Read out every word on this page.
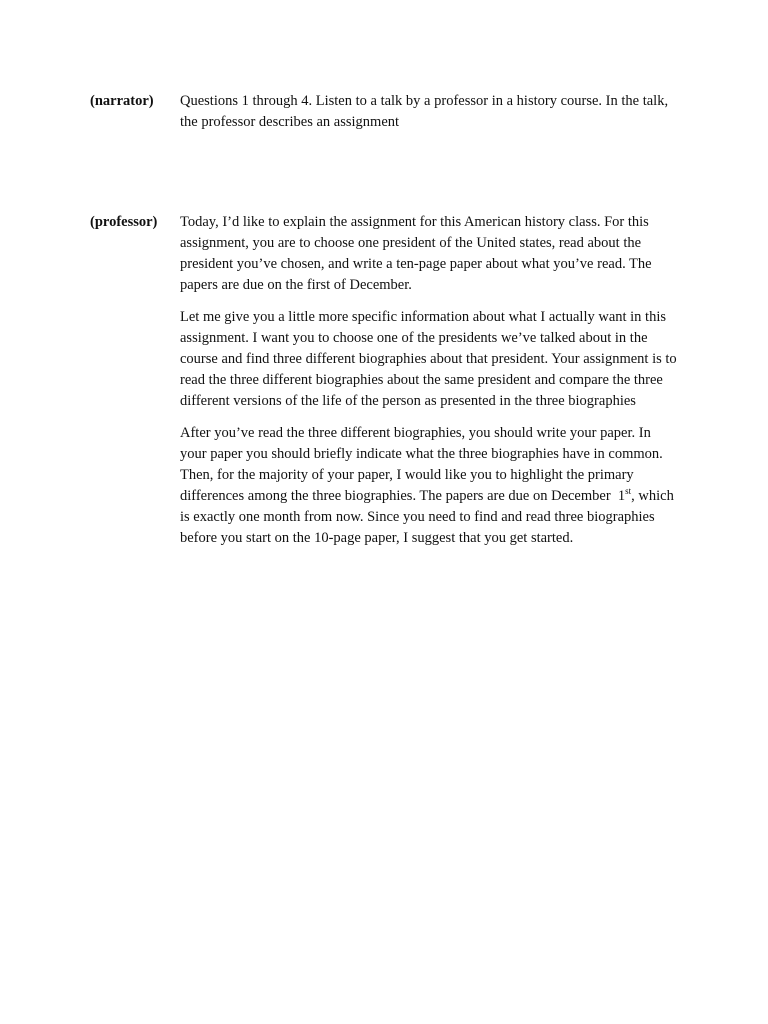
(narrator) Questions 1 through 4. Listen to a talk by a professor in a history course. In the talk, the professor describes an assignment

(professor) Today, I’d like to explain the assignment for this American history class. For this assignment, you are to choose one president of the United states, read about the president you’ve chosen, and write a ten-page paper about what you’ve read. The papers are due on the first of December.

Let me give you a little more specific information about what I actually want in this assignment. I want you to choose one of the presidents we’ve talked about in the course and find three different biographies about that president. Your assignment is to read the three different biographies about the same president and compare the three different versions of the life of the person as presented in the three biographies

After you’ve read the three different biographies, you should write your paper. In your paper you should briefly indicate what the three biographies have in common. Then, for the majority of your paper, I would like you to highlight the primary differences among the three biographies. The papers are due on December  1st, which is exactly one month from now. Since you need to find and read three biographies before you start on the 10-page paper, I suggest that you get started.
